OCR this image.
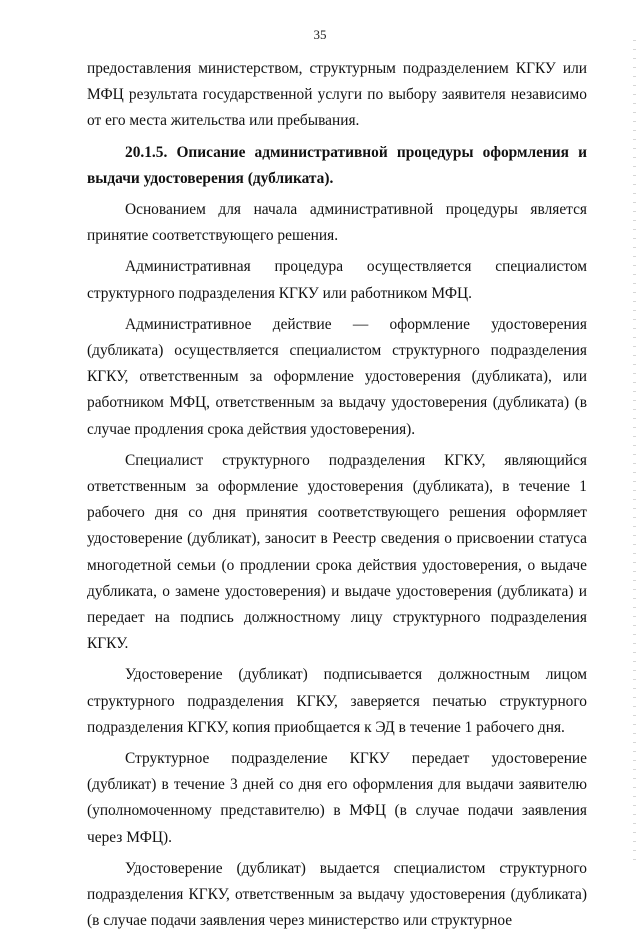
35

предоставления министерством, структурным подразделением КГКУ или МФЦ результата государственной услуги по выбору заявителя независимо от его места жительства или пребывания.

20.1.5. Описание административной процедуры оформления и выдачи удостоверения (дубликата).

Основанием для начала административной процедуры является принятие соответствующего решения.

Административная процедура осуществляется специалистом структурного подразделения КГКУ или работником МФЦ.

Административное действие — оформление удостоверения (дубликата) осуществляется специалистом структурного подразделения КГКУ, ответственным за оформление удостоверения (дубликата), или работником МФЦ, ответственным за выдачу удостоверения (дубликата) (в случае продления срока действия удостоверения).

Специалист структурного подразделения КГКУ, являющийся ответственным за оформление удостоверения (дубликата), в течение 1 рабочего дня со дня принятия соответствующего решения оформляет удостоверение (дубликат), заносит в Реестр сведения о присвоении статуса многодетной семьи (о продлении срока действия удостоверения, о выдаче дубликата, о замене удостоверения) и выдаче удостоверения (дубликата) и передает на подпись должностному лицу структурного подразделения КГКУ.

Удостоверение (дубликат) подписывается должностным лицом структурного подразделения КГКУ, заверяется печатью структурного подразделения КГКУ, копия приобщается к ЭД в течение 1 рабочего дня.

Структурное подразделение КГКУ передает удостоверение (дубликат) в течение 3 дней со дня его оформления для выдачи заявителю (уполномоченному представителю) в МФЦ (в случае подачи заявления через МФЦ).

Удостоверение (дубликат) выдается специалистом структурного подразделения КГКУ, ответственным за выдачу удостоверения (дубликата) (в случае подачи заявления через министерство или структурное
